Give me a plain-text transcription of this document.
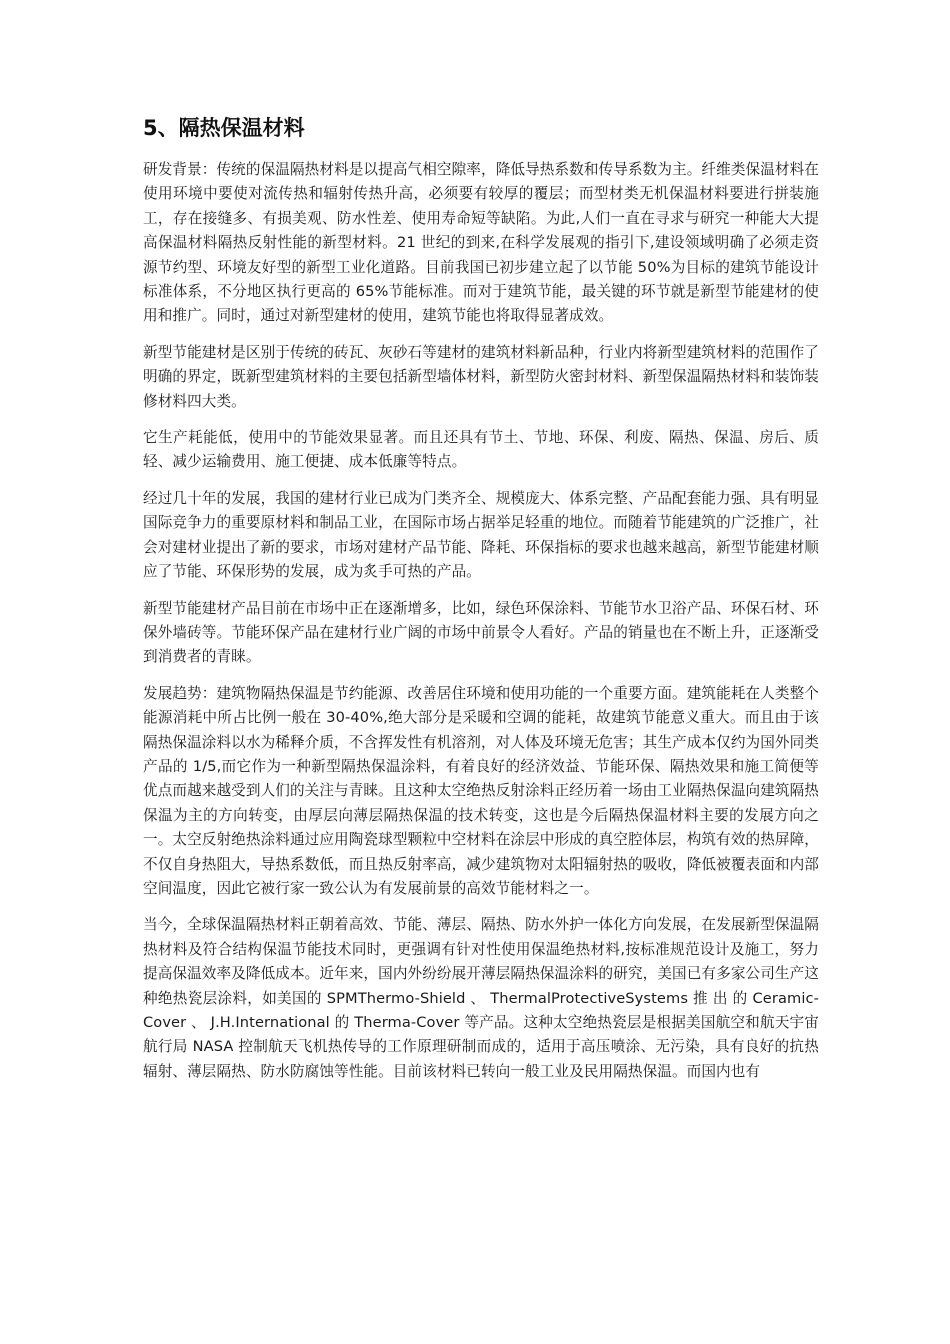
5、隔热保温材料

研发背景：传统的保温隔热材料是以提高气相空隙率，降低导热系数和传导系数为主。纤维类保温材料在使用环境中要使对流传热和辐射传热升高，必须要有较厚的覆层；而型材类无机保温材料要进行拼装施工，存在接缝多、有损美观、防水性差、使用寿命短等缺陷。为此,人们一直在寻求与研究一种能大大提高保温材料隔热反射性能的新型材料。21 世纪的到来,在科学发展观的指引下,建设领域明确了必须走资源节约型、环境友好型的新型工业化道路。目前我国已初步建立起了以节能 50%为目标的建筑节能设计标准体系，不分地区执行更高的 65%节能标准。而对于建筑节能，最关键的环节就是新型节能建材的使用和推广。同时，通过对新型建材的使用，建筑节能也将取得显著成效。

新型节能建材是区别于传统的砖瓦、灰砂石等建材的建筑材料新品种，行业内将新型建筑材料的范围作了明确的界定，既新型建筑材料的主要包括新型墙体材料，新型防火密封材料、新型保温隔热材料和装饰装修材料四大类。

它生产耗能低，使用中的节能效果显著。而且还具有节土、节地、环保、利废、隔热、保温、房后、质轻、减少运输费用、施工便捷、成本低廉等特点。

经过几十年的发展，我国的建材行业已成为门类齐全、规模庞大、体系完整、产品配套能力强、具有明显国际竞争力的重要原材料和制品工业，在国际市场占据举足轻重的地位。而随着节能建筑的广泛推广，社会对建材业提出了新的要求，市场对建材产品节能、降耗、环保指标的要求也越来越高，新型节能建材顺应了节能、环保形势的发展，成为炙手可热的产品。

新型节能建材产品目前在市场中正在逐渐增多，比如，绿色环保涂料、节能节水卫浴产品、环保石材、环保外墙砖等。节能环保产品在建材行业广阔的市场中前景令人看好。产品的销量也在不断上升，正逐渐受到消费者的青睐。

发展趋势：建筑物隔热保温是节约能源、改善居住环境和使用功能的一个重要方面。建筑能耗在人类整个能源消耗中所占比例一般在 30-40%,绝大部分是采暖和空调的能耗，故建筑节能意义重大。而且由于该隔热保温涂料以水为稀释介质，不含挥发性有机溶剂，对人体及环境无危害；其生产成本仅约为国外同类产品的 1/5,而它作为一种新型隔热保温涂料，有着良好的经济效益、节能环保、隔热效果和施工简便等优点而越来越受到人们的关注与青睐。且这种太空绝热反射涂料正经历着一场由工业隔热保温向建筑隔热保温为主的方向转变，由厚层向薄层隔热保温的技术转变，这也是今后隔热保温材料主要的发展方向之一。太空反射绝热涂料通过应用陶瓷球型颗粒中空材料在涂层中形成的真空腔体层，构筑有效的热屏障，不仅自身热阻大，导热系数低，而且热反射率高，减少建筑物对太阳辐射热的吸收，降低被覆表面和内部空间温度，因此它被行家一致公认为有发展前景的高效节能材料之一。

当今，全球保温隔热材料正朝着高效、节能、薄层、隔热、防水外护一体化方向发展，在发展新型保温隔热材料及符合结构保温节能技术同时，更强调有针对性使用保温绝热材料,按标准规范设计及施工，努力提高保温效率及降低成本。近年来，国内外纷纷展开薄层隔热保温涂料的研究，美国已有多家公司生产这种绝热瓷层涂料，如美国的 SPMThermo-Shield 、 ThermalProtectiveSystems 推 出 的 Ceramic-Cover 、 J.H.International 的 Therma-Cover 等产品。这种太空绝热瓷层是根据美国航空和航天宇宙航行局 NASA 控制航天飞机热传导的工作原理研制而成的，适用于高压喷涂、无污染，具有良好的抗热辐射、薄层隔热、防水防腐蚀等性能。目前该材料已转向一般工业及民用隔热保温。而国内也有
